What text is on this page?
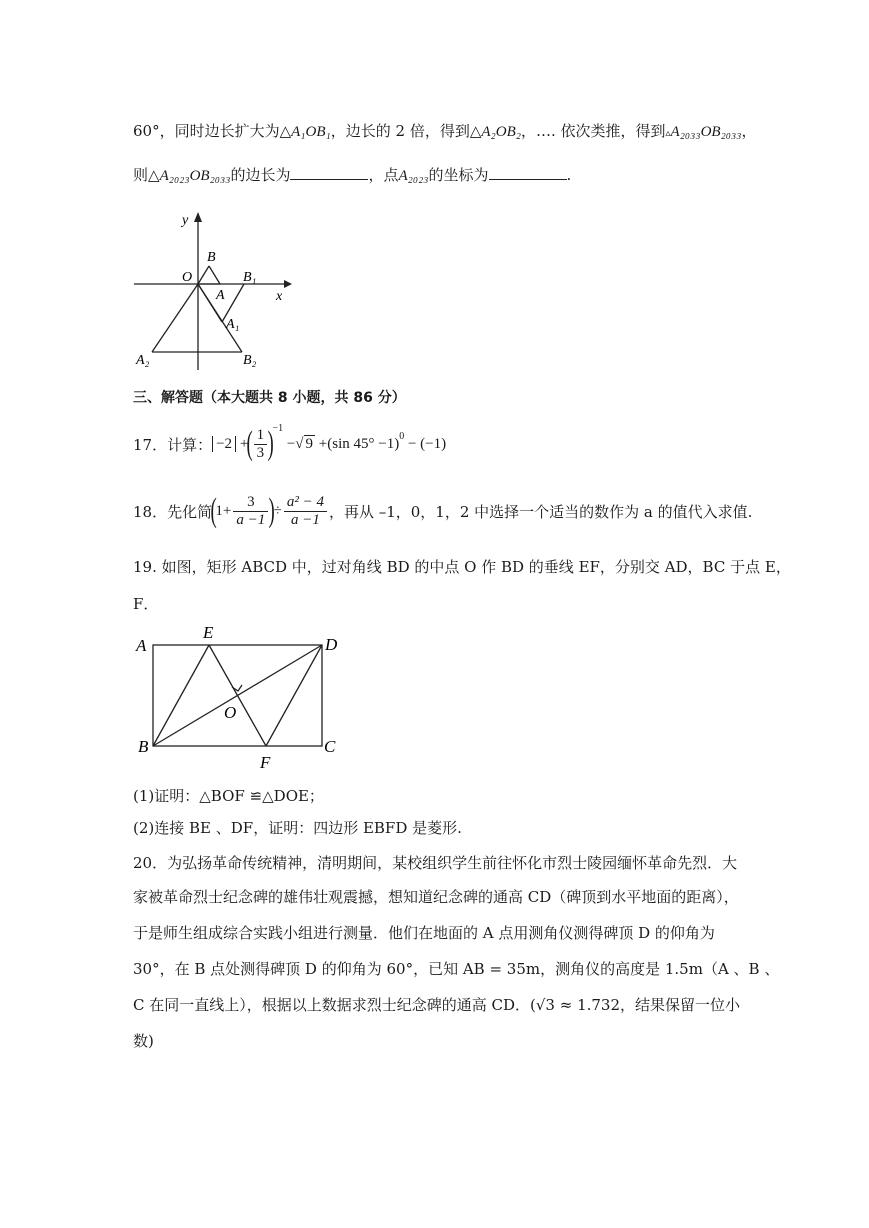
60°，同时边长扩大为△A₁OB₁，边长的 2 倍，得到△A₂OB₂，…. 依次类推，得到▵A₂₀₃₃OB₂₀₃₃，
则△A₂₀₂₃OB₂₀₃₃的边长为	，点A₂₀₂₃的坐标为	.
y
x
O
B
B₁
A
A₁
A₂	B₂
三、解答题（本大题共 8 小题，共 86 分）
17．计算： −2 +
( $\frac{1}{3}$ )
−1

− √ 9
+ ( sin 45° −1 )$^0$
− (−1)
18．先化简
(
$1+ \frac{3}{a -1}$ )
÷ $\frac{\text{a² − 4}}{a -1}$ ，再从 –1，0，1，2 中选择一个适当的数作为 a 的值代入求值.
19. 如图，矩形 ABCD 中，过对角线 BD 的中点 O 作 BD 的垂线 EF，分别交 AD，BC 于点 E，
F．
A
E
D
O
B
F
C
(1)证明：△BOF ≌△DOE；
(2)连接 BE 、DF，证明：四边形 EBFD 是菱形.
20．为弘扬革命传统精神，清明期间，某校组织学生前往怀化市烈士陵园缅怀革命先烈．大
家被革命烈士纪念碑的雄伟壮观震撼，想知道纪念碑的通高 CD（碑顶到水平地面的距离），
于是师生组成综合实践小组进行测量．他们在地面的 A 点用测角仪测得碑顶 D 的仰角为
30°，在 B 点处测得碑顶 D 的仰角为 60°，已知 AB = 35m，测角仪的高度是 1.5m（A 、B 、
C 在同一直线上），根据以上数据求烈士纪念碑的通高 CD．(√3 ≈ 1.732，结果保留一位小
数)
